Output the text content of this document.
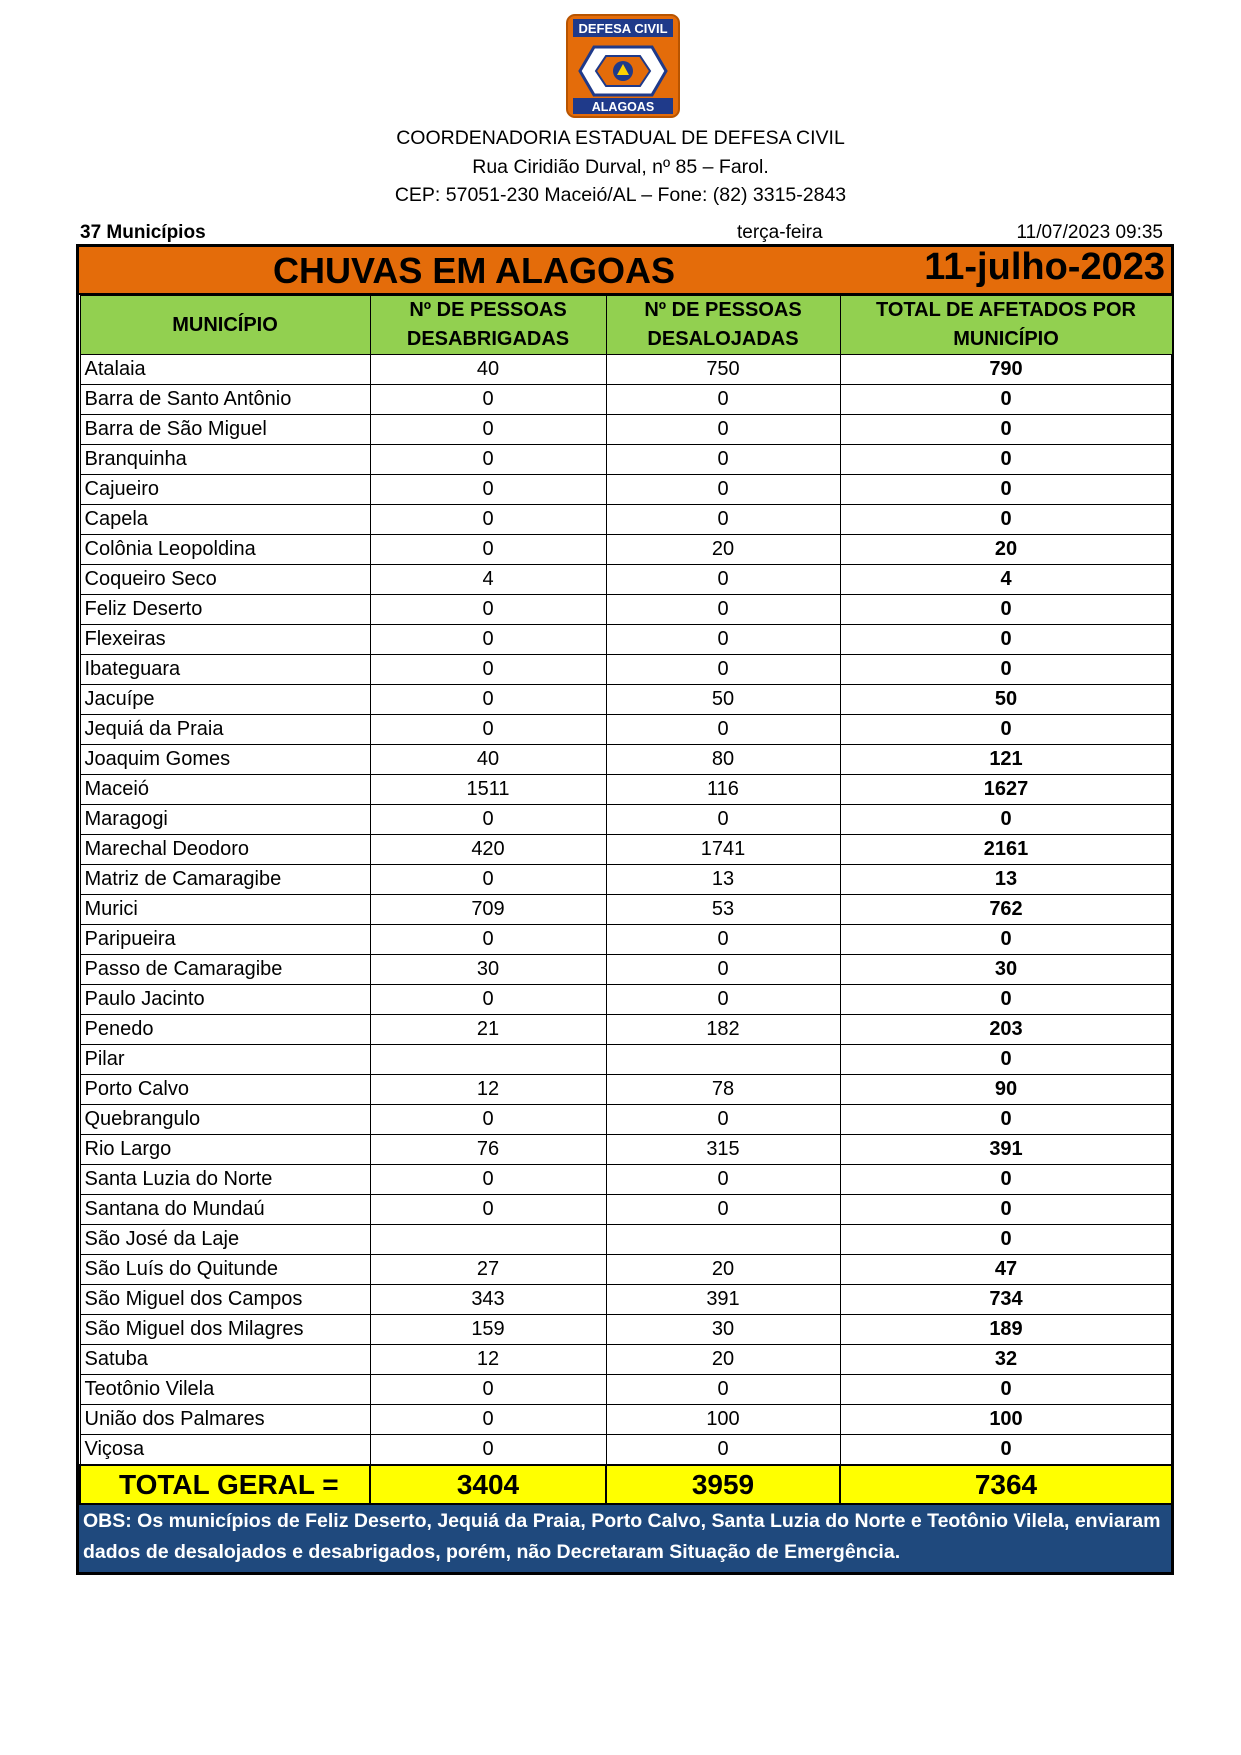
DEFESA CIVIL
ALAGOAS
COORDENADORIA ESTADUAL DE DEFESA CIVIL
Rua Ciridião Durval, nº 85 – Farol.
CEP: 57051-230 Maceió/AL – Fone: (82) 3315-2843
37 Municípios	terça-feira	11/07/2023 09:35
CHUVAS EM ALAGOAS	11-julho-2023
MUNICÍPIO	Nº DE PESSOAS DESABRIGADAS	Nº DE PESSOAS DESALOJADAS	TOTAL DE AFETADOS POR MUNICÍPIO
Atalaia	40	750	790
Barra de Santo Antônio	0	0	0
Barra de São Miguel	0	0	0
Branquinha	0	0	0
Cajueiro	0	0	0
Capela	0	0	0
Colônia Leopoldina	0	20	20
Coqueiro Seco	4	0	4
Feliz Deserto	0	0	0
Flexeiras	0	0	0
Ibateguara	0	0	0
Jacuípe	0	50	50
Jequiá da Praia	0	0	0
Joaquim Gomes	40	80	121
Maceió	1511	116	1627
Maragogi	0	0	0
Marechal Deodoro	420	1741	2161
Matriz de Camaragibe	0	13	13
Murici	709	53	762
Paripueira	0	0	0
Passo de Camaragibe	30	0	30
Paulo Jacinto	0	0	0
Penedo	21	182	203
Pilar			0
Porto Calvo	12	78	90
Quebrangulo	0	0	0
Rio Largo	76	315	391
Santa Luzia do Norte	0	0	0
Santana do Mundaú	0	0	0
São José da Laje			0
São Luís do Quitunde	27	20	47
São Miguel dos Campos	343	391	734
São Miguel dos Milagres	159	30	189
Satuba	12	20	32
Teotônio Vilela	0	0	0
União dos Palmares	0	100	100
Viçosa	0	0	0
TOTAL GERAL =	3404	3959	7364
OBS: Os municípios de Feliz Deserto, Jequiá da Praia, Porto Calvo, Santa Luzia do Norte e Teotônio Vilela, enviaram dados de desalojados e desabrigados, porém, não Decretaram Situação de Emergência.
